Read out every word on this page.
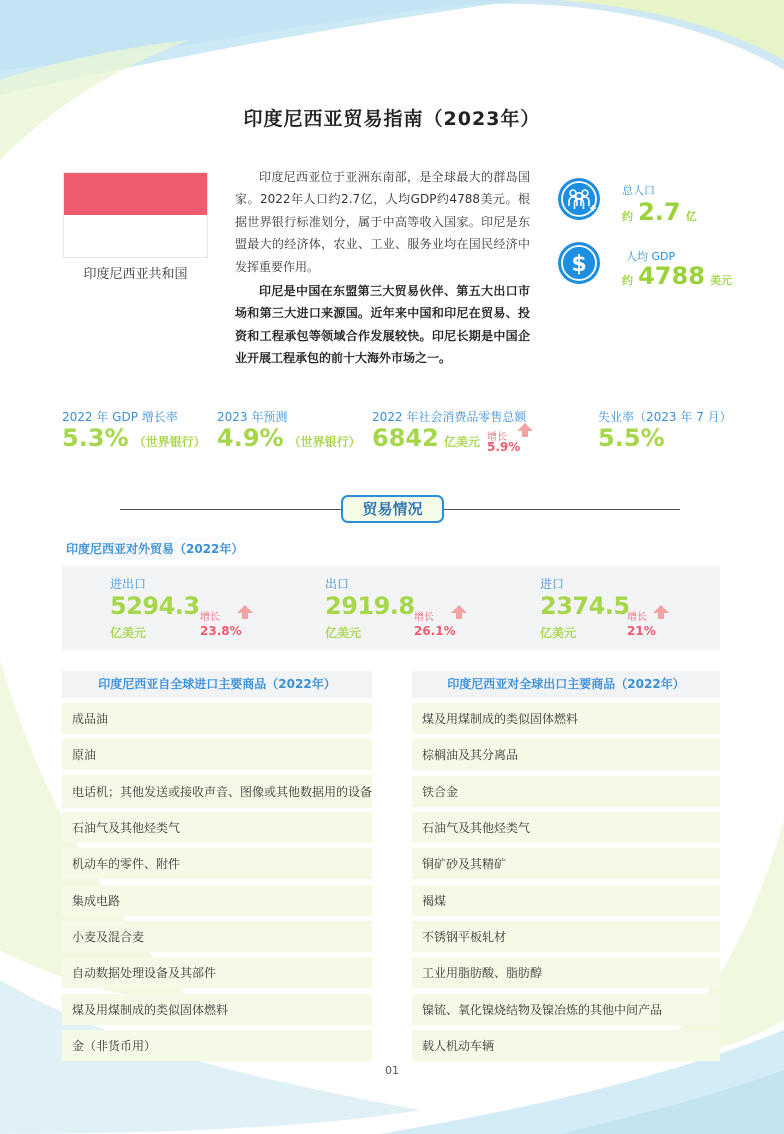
印度尼西亚贸易指南（2023年）
印度尼西亚共和国

印度尼西亚位于亚洲东南部，是全球最大的群岛国家。2022年人口约2.7亿，人均GDP约4788美元。根据世界银行标准划分，属于中高等收入国家。印尼是东盟最大的经济体，农业、工业、服务业均在国民经济中发挥重要作用。

印尼是中国在东盟第三大贸易伙伴、第五大出口市场和第三大进口来源国。近年来中国和印尼在贸易、投资和工程承包等领域合作发展较快。印尼长期是中国企业开展工程承包的前十大海外市场之一。

总人口
约 2.7 亿
$	人均 GDP
约 4788 美元
2022 年 GDP 增长率
5.3% （世界银行）
2023 年预测
4.9% （世界银行）
2022 年社会消费品零售总额
6842 亿美元 增长
5.9%
失业率（2023 年 7 月）
5.5%
贸易情况
印度尼西亚对外贸易（2022年）
进出口
5294.3
亿美元
增长
23.8%
出口
2919.8
亿美元
增长
26.1%
进口
2374.5
亿美元
增长
21%
印度尼西亚自全球进口主要商品（2022年）
成品油
原油
电话机；其他发送或接收声音、图像或其他数据用的设备
石油气及其他烃类气
机动车的零件、附件
集成电路
小麦及混合麦
自动数据处理设备及其部件
煤及用煤制成的类似固体燃料
金（非货币用）
印度尼西亚对全球出口主要商品（2022年）
煤及用煤制成的类似固体燃料
棕榈油及其分离品
铁合金
石油气及其他烃类气
铜矿砂及其精矿
褐煤
不锈钢平板轧材
工业用脂肪酸、脂肪醇
镍锍、氧化镍烧结物及镍冶炼的其他中间产品
载人机动车辆
01
